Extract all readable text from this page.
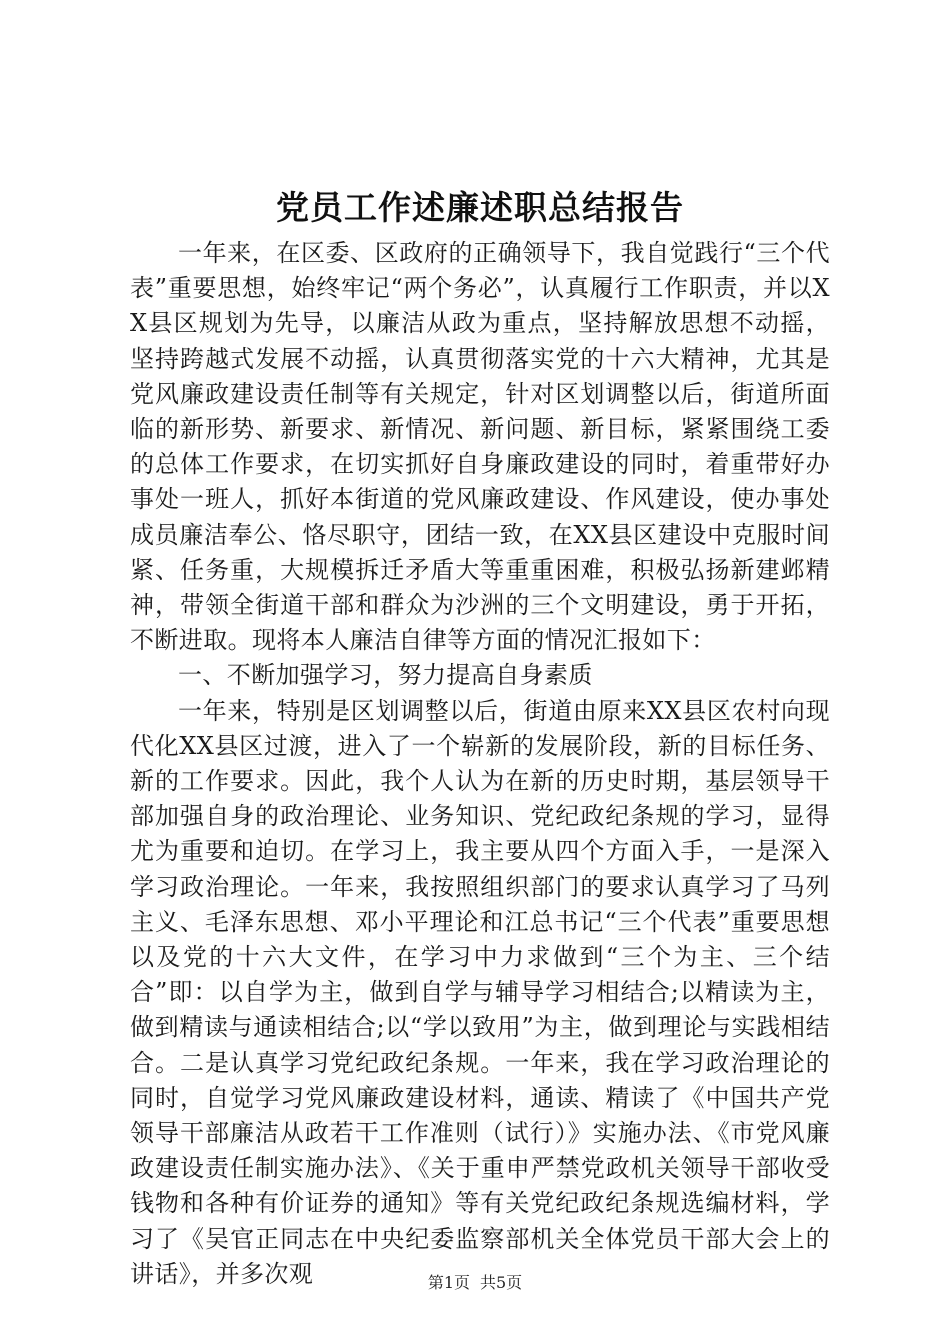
党员工作述廉述职总结报告

一年来，在区委、区政府的正确领导下，我自觉践行“三个代表”重要思想，始终牢记“两个务必”，认真履行工作职责，并以XX县区规划为先导，以廉洁从政为重点，坚持解放思想不动摇，坚持跨越式发展不动摇，认真贯彻落实党的十六大精神，尤其是党风廉政建设责任制等有关规定，针对区划调整以后，街道所面临的新形势、新要求、新情况、新问题、新目标，紧紧围绕工委的总体工作要求，在切实抓好自身廉政建设的同时，着重带好办事处一班人，抓好本街道的党风廉政建设、作风建设，使办事处成员廉洁奉公、恪尽职守，团结一致，在XX县区建设中克服时间紧、任务重，大规模拆迁矛盾大等重重困难，积极弘扬新建邺精神，带领全街道干部和群众为沙洲的三个文明建设，勇于开拓，不断进取。现将本人廉洁自律等方面的情况汇报如下：

一、不断加强学习，努力提高自身素质

一年来，特别是区划调整以后，街道由原来XX县区农村向现代化XX县区过渡，进入了一个崭新的发展阶段，新的目标任务、新的工作要求。因此，我个人认为在新的历史时期，基层领导干部加强自身的政治理论、业务知识、党纪政纪条规的学习，显得尤为重要和迫切。在学习上，我主要从四个方面入手，一是深入学习政治理论。一年来，我按照组织部门的要求认真学习了马列主义、毛泽东思想、邓小平理论和江总书记“三个代表”重要思想以及党的十六大文件，在学习中力求做到“三个为主、三个结合”即：以自学为主，做到自学与辅导学习相结合;以精读为主，做到精读与通读相结合;以“学以致用”为主，做到理论与实践相结合。二是认真学习党纪政纪条规。一年来，我在学习政治理论的同时，自觉学习党风廉政建设材料，通读、精读了《中国共产党领导干部廉洁从政若干工作准则（试行）》实施办法、《市党风廉政建设责任制实施办法》、《关于重申严禁党政机关领导干部收受钱物和各种有价证券的通知》等有关党纪政纪条规选编材料，学习了《吴官正同志在中央纪委监察部机关全体党员干部大会上的讲话》，并多次观	第1页 共5页
